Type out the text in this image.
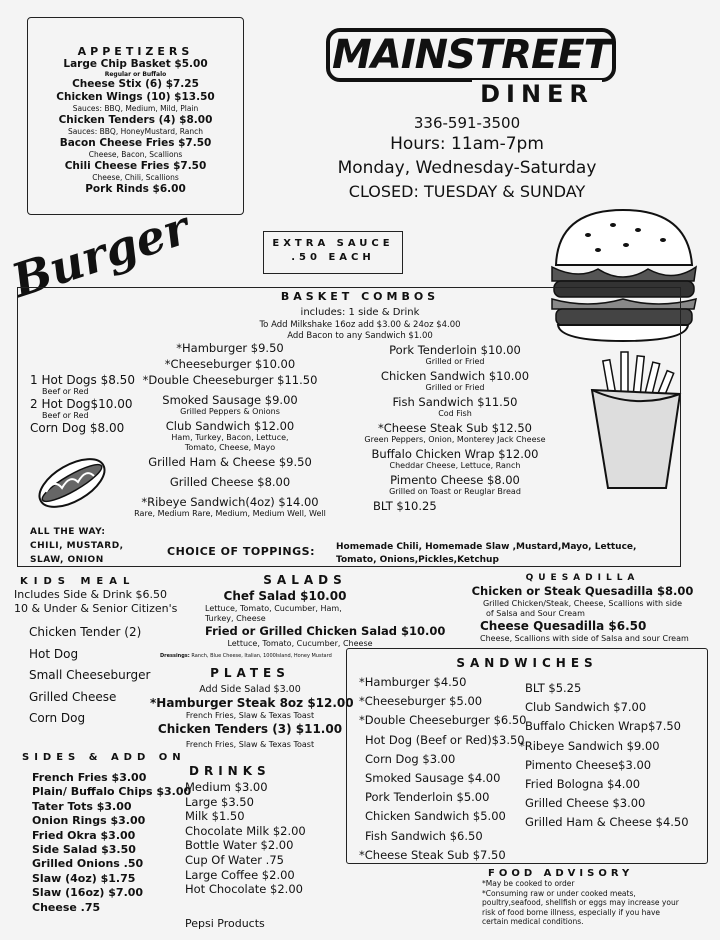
APPETIZERS
Large Chip Basket $5.00
Regular or Buffalo
Cheese Stix (6) $7.25
Chicken Wings (10) $13.50
Sauces: BBQ, Medium, Mild, Plain
Chicken Tenders (4) $8.00
Sauces: BBQ, HoneyMustard, Ranch
Bacon Cheese Fries $7.50
Cheese, Bacon, Scallions
Chili Cheese Fries $7.50
Cheese, Chili, Scallions
Pork Rinds $6.00
MAINSTREET
DINER
336-591-3500
Hours: 11am-7pm
Monday, Wednesday-Saturday
CLOSED: TUESDAY & SUNDAY
EXTRA SAUCE
.50 EACH
Burger	BASKET COMBOS
includes: 1 side & Drink
To Add Milkshake 16oz add $3.00 & 24oz $4.00
Add Bacon to any Sandwich $1.00
1 Hot Dogs $8.50
Beef or Red
2 Hot Dog$10.00
Beef or Red
Corn Dog $8.00
*Hamburger $9.50
*Cheeseburger $10.00
*Double Cheeseburger $11.50
Smoked Sausage $9.00
Grilled Peppers & Onions
Club Sandwich $12.00
Ham, Turkey, Bacon, Lettuce,
Tomato, Cheese, Mayo
Grilled Ham & Cheese $9.50
Grilled Cheese $8.00
*Ribeye Sandwich(4oz) $14.00
Rare, Medium Rare, Medium, Medium Well, Well
Pork Tenderloin $10.00
Grilled or Fried
Chicken Sandwich $10.00
Grilled or Fried
Fish Sandwich $11.50
Cod Fish
*Cheese Steak Sub $12.50
Green Peppers, Onion, Monterey Jack Cheese
Buffalo Chicken Wrap $12.00
Cheddar Cheese, Lettuce, Ranch
Pimento Cheese $8.00
Grilled on Toast or Reuglar Bread
BLT $10.25
ALL THE WAY:
CHILI, MUSTARD,
SLAW, ONION
CHOICE OF TOPPINGS: Homemade Chili, Homemade Slaw ,Mustard,Mayo, Lettuce,
Tomato, Onions,Pickles,Ketchup
KIDS MEAL
Includes Side & Drink $6.50
10 & Under & Senior Citizen's
Chicken Tender (2)
Hot Dog
Small Cheeseburger
Grilled Cheese
Corn Dog
SALADS
Chef Salad $10.00
Lettuce, Tomato, Cucumber, Ham,
Turkey, Cheese
Fried or Grilled Chicken Salad $10.00
Lettuce, Tomato, Cucumber, Cheese
Dressings: Ranch, Blue Cheese, Italian, 1000Island, Honey Mustard
PLATES
Add Side Salad $3.00
*Hamburger Steak 8oz $12.00
French Fries, Slaw & Texas Toast
Chicken Tenders (3) $11.00
French Fries, Slaw & Texas Toast
QUESADILLA
Chicken or Steak Quesadilla $8.00
Grilled Chicken/Steak, Cheese, Scallions with side
of Salsa and Sour Cream
Cheese Quesadilla $6.50
Cheese, Scallions with side of Salsa and sour Cream
SANDWICHES
*Hamburger $4.50
*Cheeseburger $5.00
*Double Cheeseburger $6.50
Hot Dog (Beef or Red)$3.50
Corn Dog $3.00
Smoked Sausage $4.00
Pork Tenderloin $5.00
Chicken Sandwich $5.00
Fish Sandwich $6.50
*Cheese Steak Sub $7.50
BLT $5.25
Club Sandwich $7.00
Buffalo Chicken Wrap$7.50
*Ribeye Sandwich $9.00
Pimento Cheese$3.00
Fried Bologna $4.00
Grilled Cheese $3.00
Grilled Ham & Cheese $4.50
SIDES & ADD ON
French Fries $3.00
Plain/ Buffalo Chips $3.00
Tater Tots $3.00
Onion Rings $3.00
Fried Okra $3.00
Side Salad $3.50
Grilled Onions .50
Slaw (4oz) $1.75
Slaw (16oz) $7.00
Cheese .75
DRINKS
Medium $3.00
Large $3.50
Milk $1.50
Chocolate Milk $2.00
Bottle Water $2.00
Cup Of Water .75
Large Coffee $2.00
Hot Chocolate $2.00
Pepsi Products
FOOD ADVISORY
*May be cooked to order
*Consuming raw or under cooked meats,
poultry,seafood, shellfish or eggs may increase your
risk of food borne illness, especially if you have
certain medical conditions.
